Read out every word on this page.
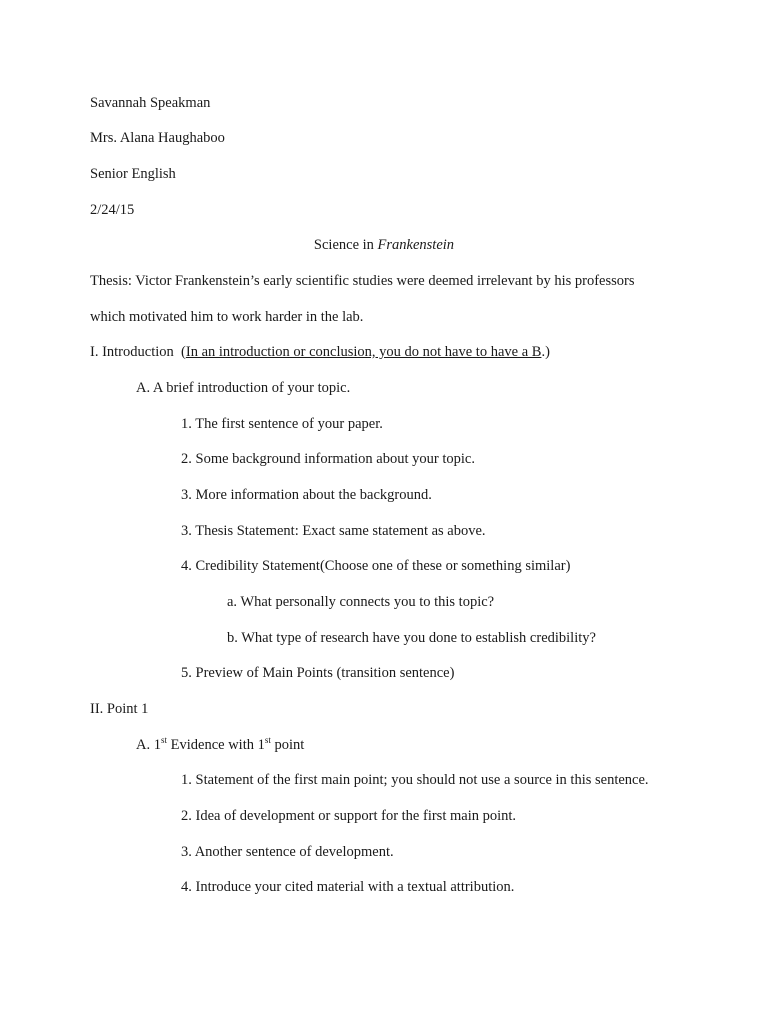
Savannah Speakman
Mrs. Alana Haughaboo
Senior English
2/24/15
Science in Frankenstein
Thesis: Victor Frankenstein’s early scientific studies were deemed irrelevant by his professors
which motivated him to work harder in the lab.
I. Introduction  (In an introduction or conclusion, you do not have to have a B.)
A. A brief introduction of your topic.
1. The first sentence of your paper.
2. Some background information about your topic.
3. More information about the background.
3. Thesis Statement: Exact same statement as above.
4. Credibility Statement(Choose one of these or something similar)
a. What personally connects you to this topic?
b. What type of research have you done to establish credibility?
5. Preview of Main Points (transition sentence)
II. Point 1
A. 1st Evidence with 1st point
1. Statement of the first main point; you should not use a source in this sentence.
2. Idea of development or support for the first main point.
3. Another sentence of development.
4. Introduce your cited material with a textual attribution.
